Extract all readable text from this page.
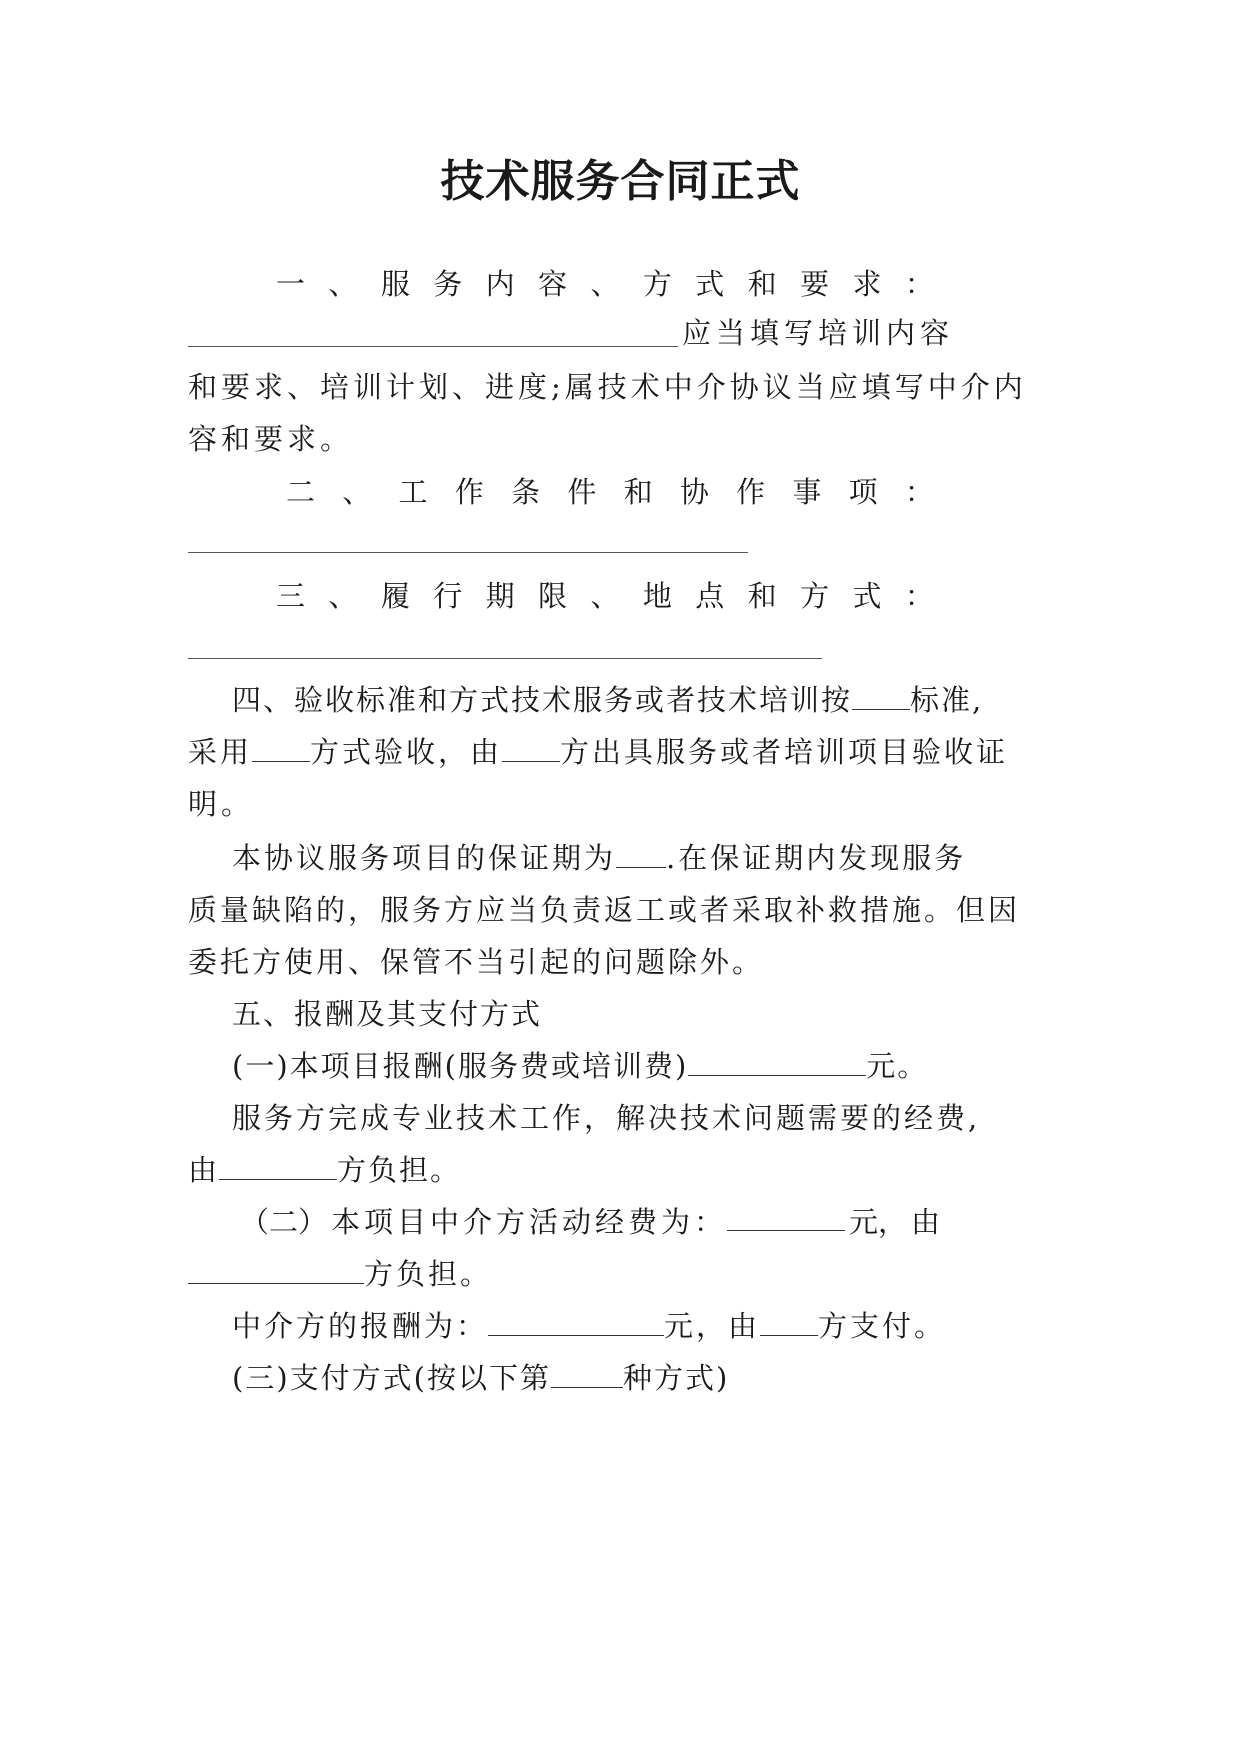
技术服务合同正式
一 、 服 务 内 容 、 方 式 和 要 求 ：
应当填写培训内容
和要求、培训计划、进度;属技术中介协议当应填写中介内
容和要求。
二 、 工 作 条 件 和 协 作 事 项 ：
三 、 履 行 期 限 、 地 点 和 方 式 ：
四、验收标准和方式技术服务或者技术培训按 标准,
采用 方式验收，由 方出具服务或者培训项目验收证
明。
本协议服务项目的保证期为 .在保证期内发现服务
质量缺陷的，服务方应当负责返工或者采取补救措施。但因
委托方使用、保管不当引起的问题除外。
五、报酬及其支付方式
(一)本项目报酬(服务费或培训费)	元。
服务方完成专业技术工作，解决技术问题需要的经费,
由	方负担。
（二） 本 项 目 中 介 方 活 动 经 费 为 ：	元， 由
方负担。
中介方的报酬为：	元，由 方支付。
(三)支付方式(按以下第 种方式)
